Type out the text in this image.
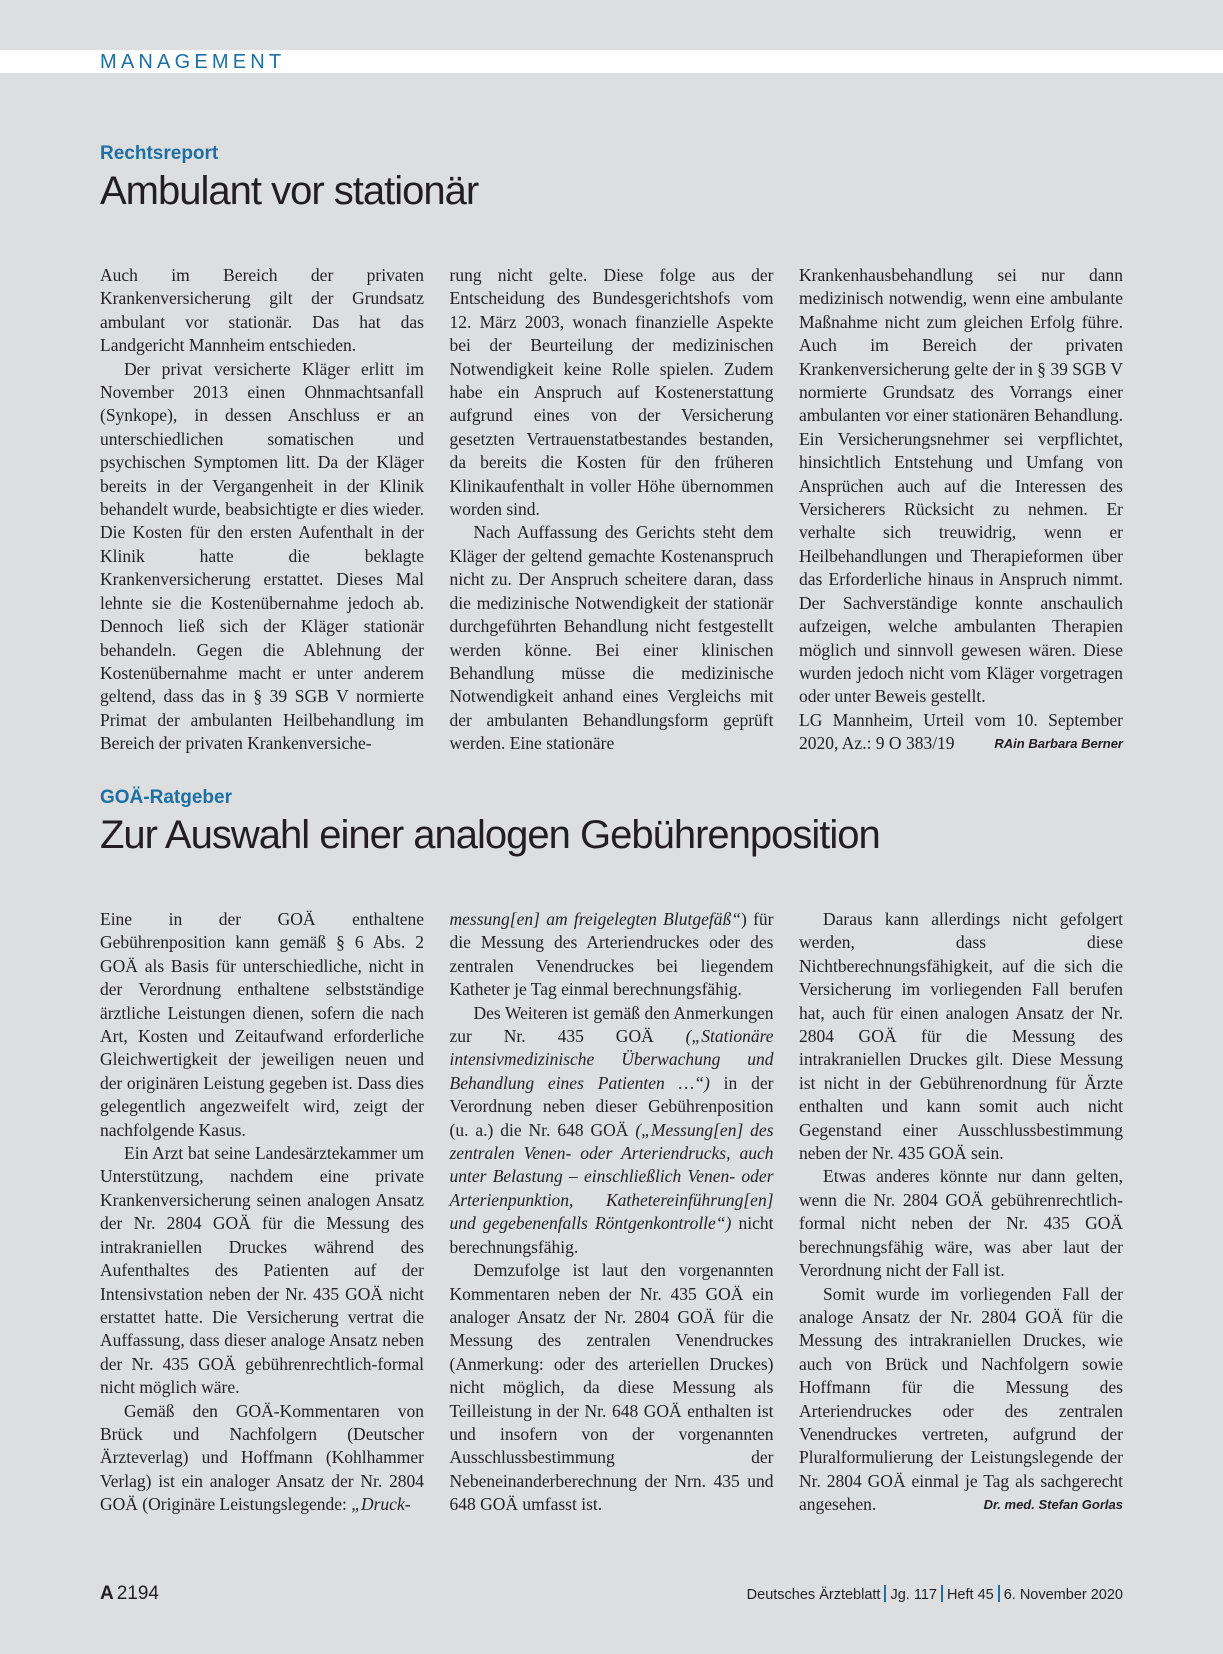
MANAGEMENT

Rechtsreport

Ambulant vor stationär

Auch im Bereich der privaten Krankenversicherung gilt der Grundsatz ambulant vor stationär. Das hat das Landgericht Mannheim entschieden.

Der privat versicherte Kläger erlitt im November 2013 einen Ohnmachtsanfall (Synkope), in dessen Anschluss er an unterschiedlichen somatischen und psychischen Symptomen litt. Da der Kläger bereits in der Vergangenheit in der Klinik behandelt wurde, beabsichtigte er dies wieder. Die Kosten für den ersten Aufenthalt in der Klinik hatte die beklagte Krankenversicherung erstattet. Dieses Mal lehnte sie die Kostenübernahme jedoch ab. Dennoch ließ sich der Kläger stationär behandeln. Gegen die Ablehnung der Kostenübernahme macht er unter anderem geltend, dass das in § 39 SGB V normierte Primat der ambulanten Heilbehandlung im Bereich der privaten Krankenversiche-

rung nicht gelte. Diese folge aus der Entscheidung des Bundesgerichtshofs vom 12. März 2003, wonach finanzielle Aspekte bei der Beurteilung der medizinischen Notwendigkeit keine Rolle spielen. Zudem habe ein Anspruch auf Kostenerstattung aufgrund eines von der Versicherung gesetzten Vertrauenstatbestandes bestanden, da bereits die Kosten für den früheren Klinikaufenthalt in voller Höhe übernommen worden sind.

Nach Auffassung des Gerichts steht dem Kläger der geltend gemachte Kostenanspruch nicht zu. Der Anspruch scheitere daran, dass die medizinische Notwendigkeit der stationär durchgeführten Behandlung nicht festgestellt werden könne. Bei einer klinischen Behandlung müsse die medizinische Notwendigkeit anhand eines Vergleichs mit der ambulanten Behandlungsform geprüft werden. Eine stationäre

Krankenhausbehandlung sei nur dann medizinisch notwendig, wenn eine ambulante Maßnahme nicht zum gleichen Erfolg führe. Auch im Bereich der privaten Krankenversicherung gelte der in § 39 SGB V normierte Grundsatz des Vorrangs einer ambulanten vor einer stationären Behandlung. Ein Versicherungsnehmer sei verpflichtet, hinsichtlich Entstehung und Umfang von Ansprüchen auch auf die Interessen des Versicherers Rücksicht zu nehmen. Er verhalte sich treuwidrig, wenn er Heilbehandlungen und Therapieformen über das Erforderliche hinaus in Anspruch nimmt. Der Sachverständige konnte anschaulich aufzeigen, welche ambulanten Therapien möglich und sinnvoll gewesen wären. Diese wurden jedoch nicht vom Kläger vorgetragen oder unter Beweis gestellt.

LG Mannheim, Urteil vom 10. September 2020, Az.: 9 O 383/19	RAin Barbara Berner

GOÄ-Ratgeber

Zur Auswahl einer analogen Gebührenposition

Eine in der GOÄ enthaltene Gebührenposition kann gemäß § 6 Abs. 2 GOÄ als Basis für unterschiedliche, nicht in der Verordnung enthaltene selbstständige ärztliche Leistungen dienen, sofern die nach Art, Kosten und Zeitaufwand erforderliche Gleichwertigkeit der jeweiligen neuen und der originären Leistung gegeben ist. Dass dies gelegentlich angezweifelt wird, zeigt der nachfolgende Kasus.

Ein Arzt bat seine Landesärztekammer um Unterstützung, nachdem eine private Krankenversicherung seinen analogen Ansatz der Nr. 2804 GOÄ für die Messung des intrakraniellen Druckes während des Aufenthaltes des Patienten auf der Intensivstation neben der Nr. 435 GOÄ nicht erstattet hatte. Die Versicherung vertrat die Auffassung, dass dieser analoge Ansatz neben der Nr. 435 GOÄ gebührenrechtlich-formal nicht möglich wäre.

Gemäß den GOÄ-Kommentaren von Brück und Nachfolgern (Deutscher Ärzteverlag) und Hoffmann (Kohlhammer Verlag) ist ein analoger Ansatz der Nr. 2804 GOÄ (Originäre Leistungslegende: „Druck-

messung[en] am freigelegten Blutgefäß“) für die Messung des Arteriendruckes oder des zentralen Venendruckes bei liegendem Katheter je Tag einmal berechnungsfähig.

Des Weiteren ist gemäß den Anmerkungen zur Nr. 435 GOÄ („Stationäre intensivmedizinische Überwachung und Behandlung eines Patienten …“) in der Verordnung neben dieser Gebührenposition (u. a.) die Nr. 648 GOÄ („Messung[en] des zentralen Venen- oder Arteriendrucks, auch unter Belastung – einschließlich Venen- oder Arterienpunktion, Kathetereinführung[en] und gegebenenfalls Röntgenkontrolle“) nicht berechnungsfähig.

Demzufolge ist laut den vorgenannten Kommentaren neben der Nr. 435 GOÄ ein analoger Ansatz der Nr. 2804 GOÄ für die Messung des zentralen Venendruckes (Anmerkung: oder des arteriellen Druckes) nicht möglich, da diese Messung als Teilleistung in der Nr. 648 GOÄ enthalten ist und insofern von der vorgenannten Ausschlussbestimmung der Nebeneinanderberechnung der Nrn. 435 und 648 GOÄ umfasst ist.

Daraus kann allerdings nicht gefolgert werden, dass diese Nichtberechnungsfähigkeit, auf die sich die Versicherung im vorliegenden Fall berufen hat, auch für einen analogen Ansatz der Nr. 2804 GOÄ für die Messung des intrakraniellen Druckes gilt. Diese Messung ist nicht in der Gebührenordnung für Ärzte enthalten und kann somit auch nicht Gegenstand einer Ausschlussbestimmung neben der Nr. 435 GOÄ sein.

Etwas anderes könnte nur dann gelten, wenn die Nr. 2804 GOÄ gebührenrechtlich-formal nicht neben der Nr. 435 GOÄ berechnungsfähig wäre, was aber laut der Verordnung nicht der Fall ist.

Somit wurde im vorliegenden Fall der analoge Ansatz der Nr. 2804 GOÄ für die Messung des intrakraniellen Druckes, wie auch von Brück und Nachfolgern sowie Hoffmann für die Messung des Arteriendruckes oder des zentralen Venendruckes vertreten, aufgrund der Pluralformulierung der Leistungslegende der Nr. 2804 GOÄ einmal je Tag als sachgerecht angesehen.	Dr. med. Stefan Gorlas

A 2194	Deutsches Ärzteblatt Jg. 117 Heft 45 6. November 2020
